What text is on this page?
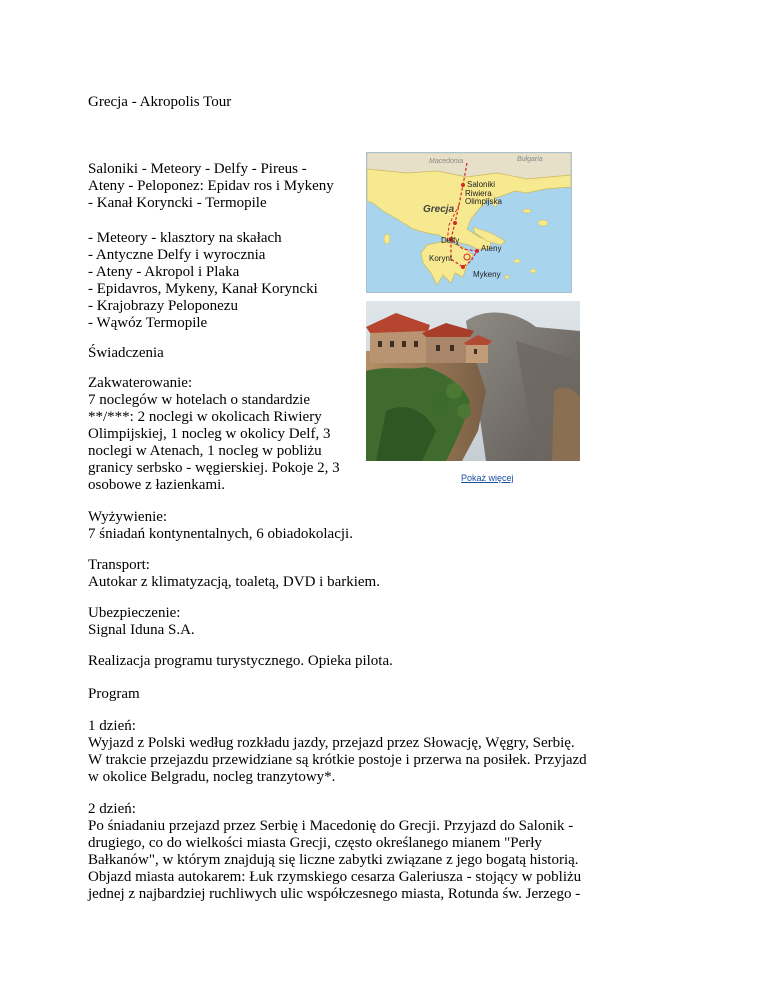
Grecja - Akropolis Tour

Saloniki - Meteory - Delfy - Pireus -

Ateny - Peloponez: Epidav ros i Mykeny

- Kanał Koryncki - Termopile

- Meteory - klasztory na skałach

- Antyczne Delfy i wyrocznia

- Ateny - Akropol i Plaka

- Epidavros, Mykeny, Kanał Koryncki

- Krajobrazy Peloponezu

- Wąwóz Termopile

Świadczenia

Zakwaterowanie:

7 noclegów w hotelach o standardzie

**/***: 2 noclegi w okolicach Riwiery

Olimpijskiej, 1 nocleg w okolicy Delf, 3

noclegi w Atenach, 1 nocleg w pobliżu

granicy serbsko - węgierskiej. Pokoje 2, 3

osobowe z łazienkami.

Wyżywienie:

7 śniadań kontynentalnych, 6 obiadokolacji.

Transport:

Autokar z klimatyzacją, toaletą, DVD i barkiem.

Ubezpieczenie:

Signal Iduna S.A.

Realizacja programu turystycznego. Opieka pilota.

Program

1 dzień:

Wyjazd z Polski według rozkładu jazdy, przejazd przez Słowację, Węgry, Serbię.

W trakcie przejazdu przewidziane są krótkie postoje i przerwa na posiłek. Przyjazd

w okolice Belgradu, nocleg tranzytowy*.

2 dzień:

Po śniadaniu przejazd przez Serbię i Macedonię do Grecji. Przyjazd do Salonik -

drugiego, co do wielkości miasta Grecji, często określanego mianem "Perły

Bałkanów", w którym znajdują się liczne zabytki związane z jego bogatą historią.

Objazd miasta autokarem: Łuk rzymskiego cesarza Galeriusza - stojący w pobliżu

jednej z najbardziej ruchliwych ulic współczesnego miasta, Rotunda św. Jerzego -

Macedonia	Bułgaria
Saloniki
Riwiera
Olimpijska
Grecja
Delfy
Ateny
Korynt
Mykeny
Pokaż więcej
